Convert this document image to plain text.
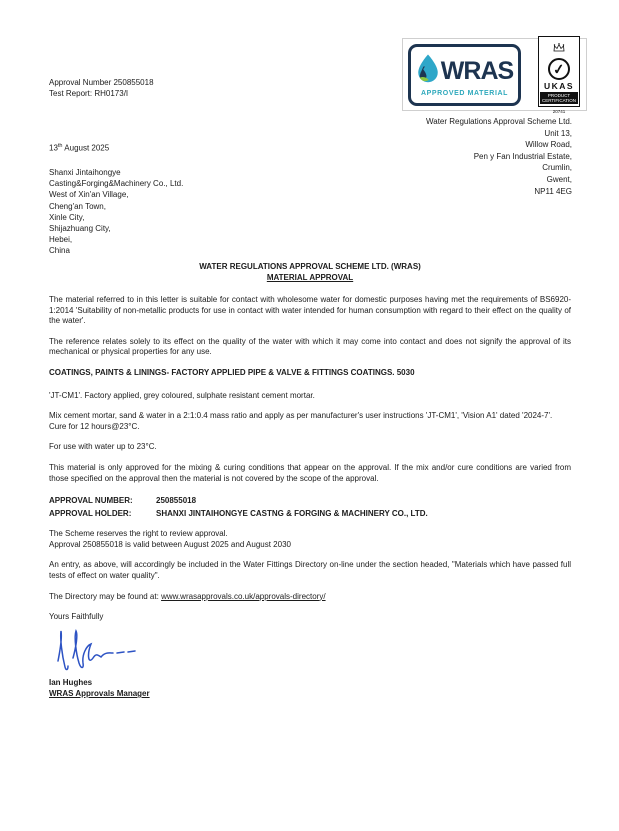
Approval Number 250855018
Test Report: RH0173/I
WRAS
APPROVED MATERIAL
✓
UKAS
PRODUCT CERTIFICATION
20741
Water Regulations Approval Scheme Ltd.
Unit 13,
Willow Road,
Pen y Fan Industrial Estate,
Crumlin,
Gwent,
NP11 4EG
13th August 2025
Shanxi Jintaihongye
Casting&Forging&Machinery Co., Ltd.
West of Xin'an Village,
Cheng'an Town,
Xinle City,
Shijazhuang City,
Hebei,
China
WATER REGULATIONS APPROVAL SCHEME LTD. (WRAS)
MATERIAL APPROVAL
The material referred to in this letter is suitable for contact with wholesome water for domestic purposes having met the requirements of BS6920-1:2014 'Suitability of non-metallic products for use in contact with water intended for human consumption with regard to their effect on the quality of the water'.
The reference relates solely to its effect on the quality of the water with which it may come into contact and does not signify the approval of its mechanical or physical properties for any use.
COATINGS, PAINTS & LININGS- FACTORY APPLIED PIPE & VALVE & FITTINGS COATINGS. 5030
'JT-CM1'. Factory applied, grey coloured, sulphate resistant cement mortar.
Mix cement mortar, sand & water in a 2:1:0.4 mass ratio and apply as per manufacturer's user instructions 'JT-CM1', 'Vision A1' dated '2024-7'. Cure for 12 hours@23°C.
For use with water up to 23°C.
This material is only approved for the mixing & curing conditions that appear on the approval. If the mix and/or cure conditions are varied from those specified on the approval then the material is not covered by the scope of the approval.
APPROVAL NUMBER:	250855018
APPROVAL HOLDER:	SHANXI JINTAIHONGYE CASTNG & FORGING & MACHINERY CO., LTD.
The Scheme reserves the right to review approval.
Approval 250855018 is valid between August 2025 and August 2030
An entry, as above, will accordingly be included in the Water Fittings Directory on-line under the section headed, "Materials which have passed full tests of effect on water quality".
The Directory may be found at: www.wrasapprovals.co.uk/approvals-directory/
Yours Faithfully
Ian Hughes
WRAS Approvals Manager
